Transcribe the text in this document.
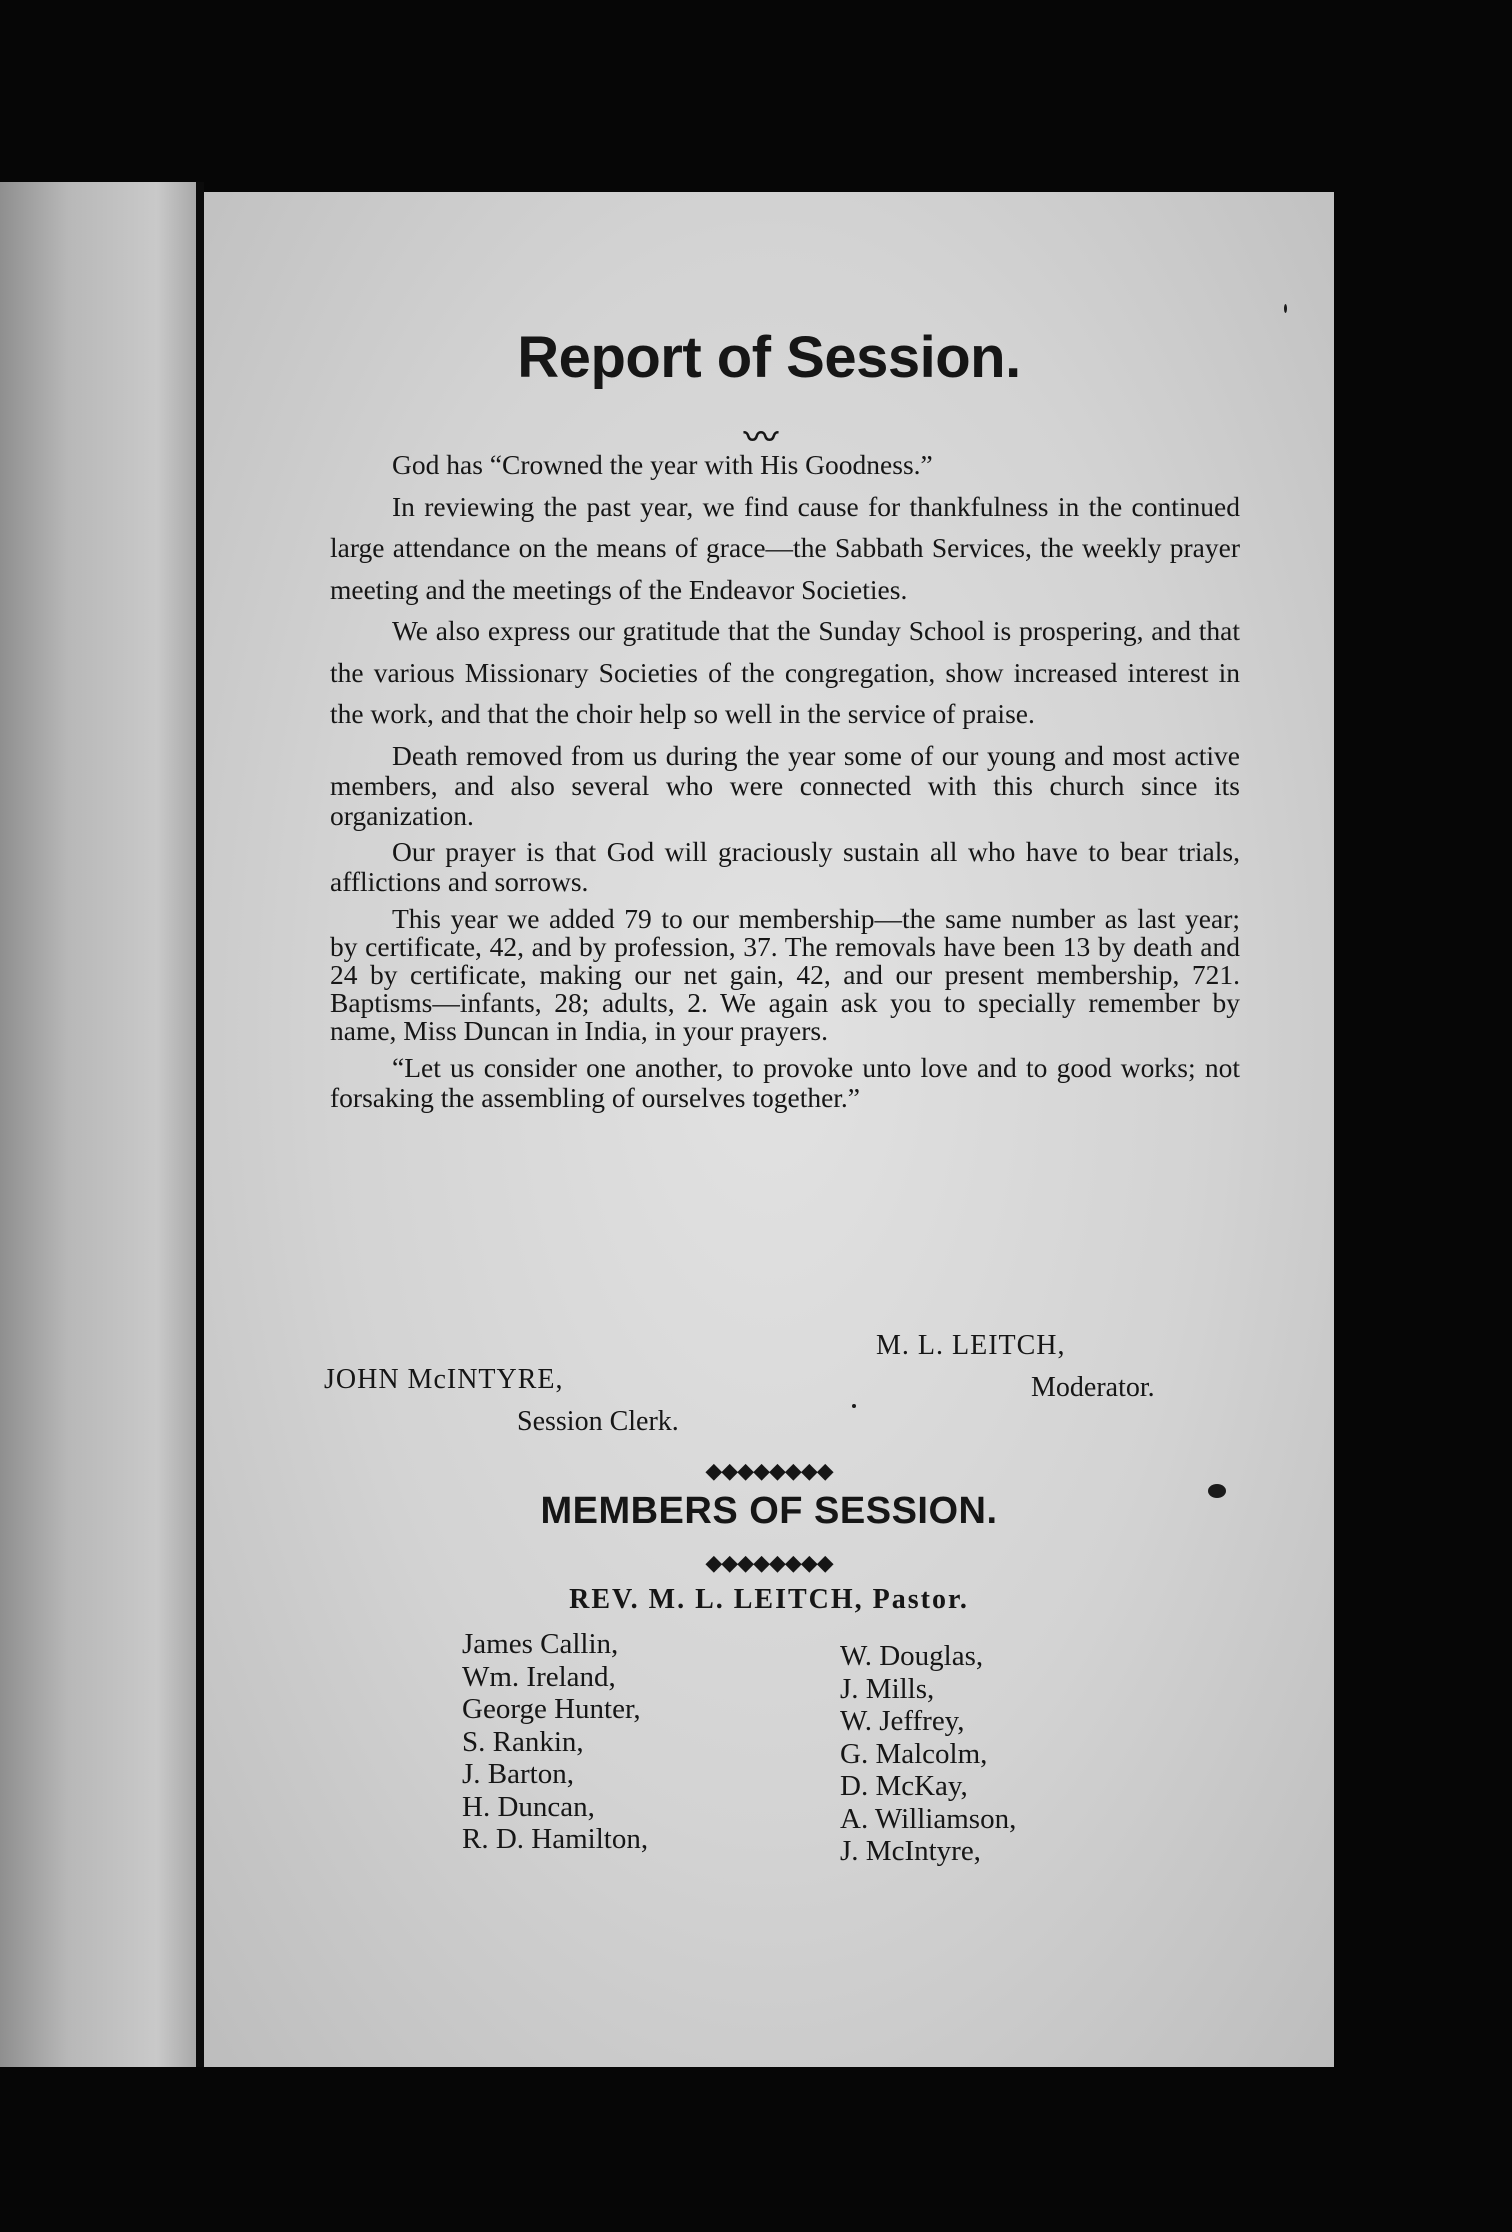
Report of Session.
〰

God has “Crowned the year with His Goodness.”

In reviewing the past year, we find cause for thankfulness in the continued large attendance on the means of grace—the Sabbath Services, the weekly prayer meeting and the meetings of the Endeavor Societies.

We also express our gratitude that the Sunday School is prospering, and that the various Missionary Societies of the congregation, show increased interest in the work, and that the choir help so well in the service of praise.

Death removed from us during the year some of our young and most active members, and also several who were connected with this church since its organization.

Our prayer is that God will graciously sustain all who have to bear trials, afflictions and sorrows.

This year we added 79 to our membership—the same number as last year; by certificate, 42, and by profession, 37. The removals have been 13 by death and 24 by certificate, making our net gain, 42, and our present membership, 721. Baptisms—infants, 28; adults, 2. We again ask you to specially remember by name, Miss Duncan in India, in your prayers.

“Let us consider one another, to provoke unto love and to good works; not forsaking the assembling of ourselves together.”

M. L. LEITCH,
Moderator.
JOHN McINTYRE,
Session Clerk.
◆◆◆◆◆◆◆◆
MEMBERS OF SESSION.
◆◆◆◆◆◆◆◆
REV. M. L. LEITCH, Pastor.
James Callin,
Wm. Ireland,
George Hunter,
S. Rankin,
J. Barton,
H. Duncan,
R. D. Hamilton,
W. Douglas,
J. Mills,
W. Jeffrey,
G. Malcolm,
D. McKay,
A. Williamson,
J. McIntyre,
